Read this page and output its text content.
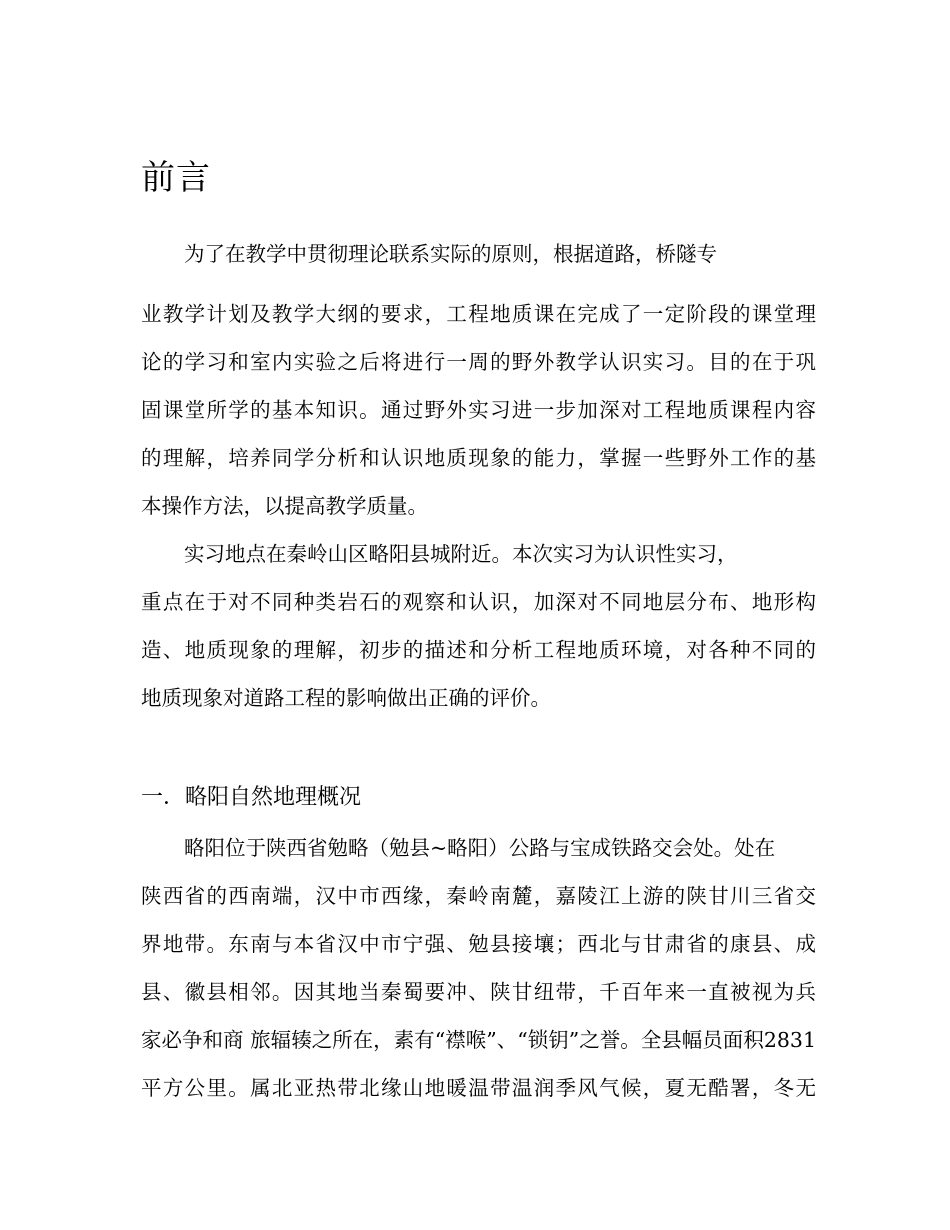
前言
为了在教学中贯彻理论联系实际的原则，根据道路，桥隧专
业教学计划及教学大纲的要求，工程地质课在完成了一定阶段的课堂理
论的学习和室内实验之后将进行一周的野外教学认识实习。目的在于巩
固课堂所学的基本知识。通过野外实习进一步加深对工程地质课程内容
的理解，培养同学分析和认识地质现象的能力，掌握一些野外工作的基
本操作方法，以提高教学质量。
实习地点在秦岭山区略阳县城附近。本次实习为认识性实习，
重点在于对不同种类岩石的观察和认识，加深对不同地层分布、地形构
造、地质现象的理解，初步的描述和分析工程地质环境，对各种不同的
地质现象对道路工程的影响做出正确的评价。
一．略阳自然地理概况
略阳位于陕西省勉略（勉县~略阳）公路与宝成铁路交会处。处在
陕西省的西南端，汉中市西缘，秦岭南麓，嘉陵江上游的陕甘川三省交
界地带。东南与本省汉中市宁强、勉县接壤；西北与甘肃省的康县、成
县、徽县相邻。因其地当秦蜀要冲、陕甘纽带，千百年来一直被视为兵
家必争和商 旅辐辏之所在，素有“襟喉”、“锁钥”之誉。全县幅员面积2831
平方公里。属北亚热带北缘山地暖温带温润季风气候，夏无酷署，冬无
